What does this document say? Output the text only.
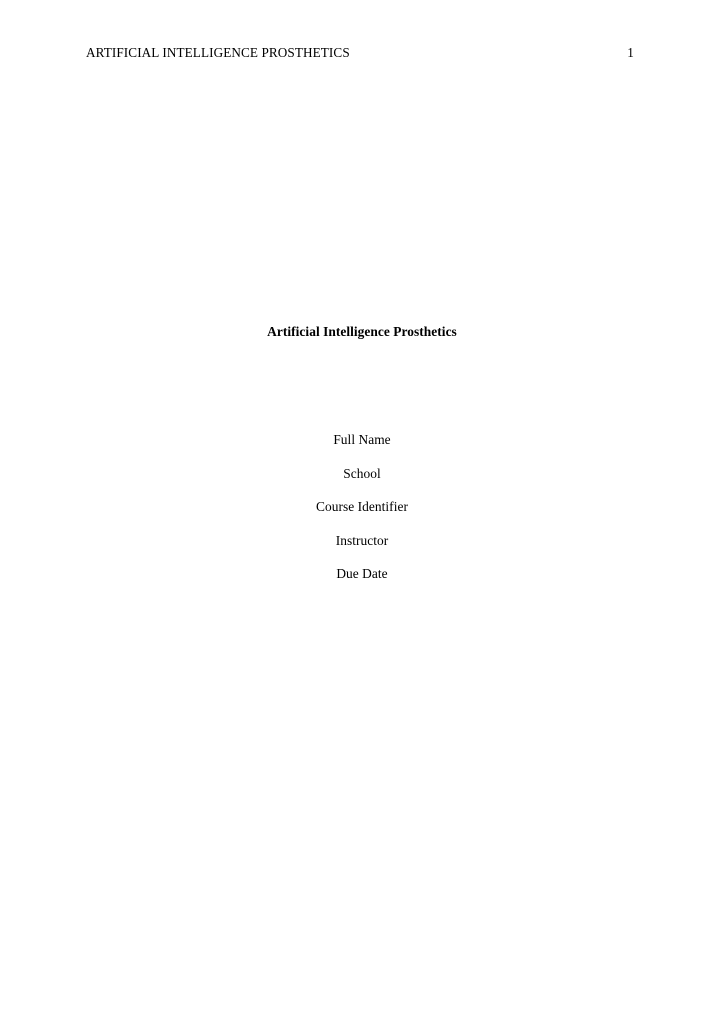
ARTIFICIAL INTELLIGENCE PROSTHETICS	1
Artificial Intelligence Prosthetics
Full Name
School
Course Identifier
Instructor
Due Date
